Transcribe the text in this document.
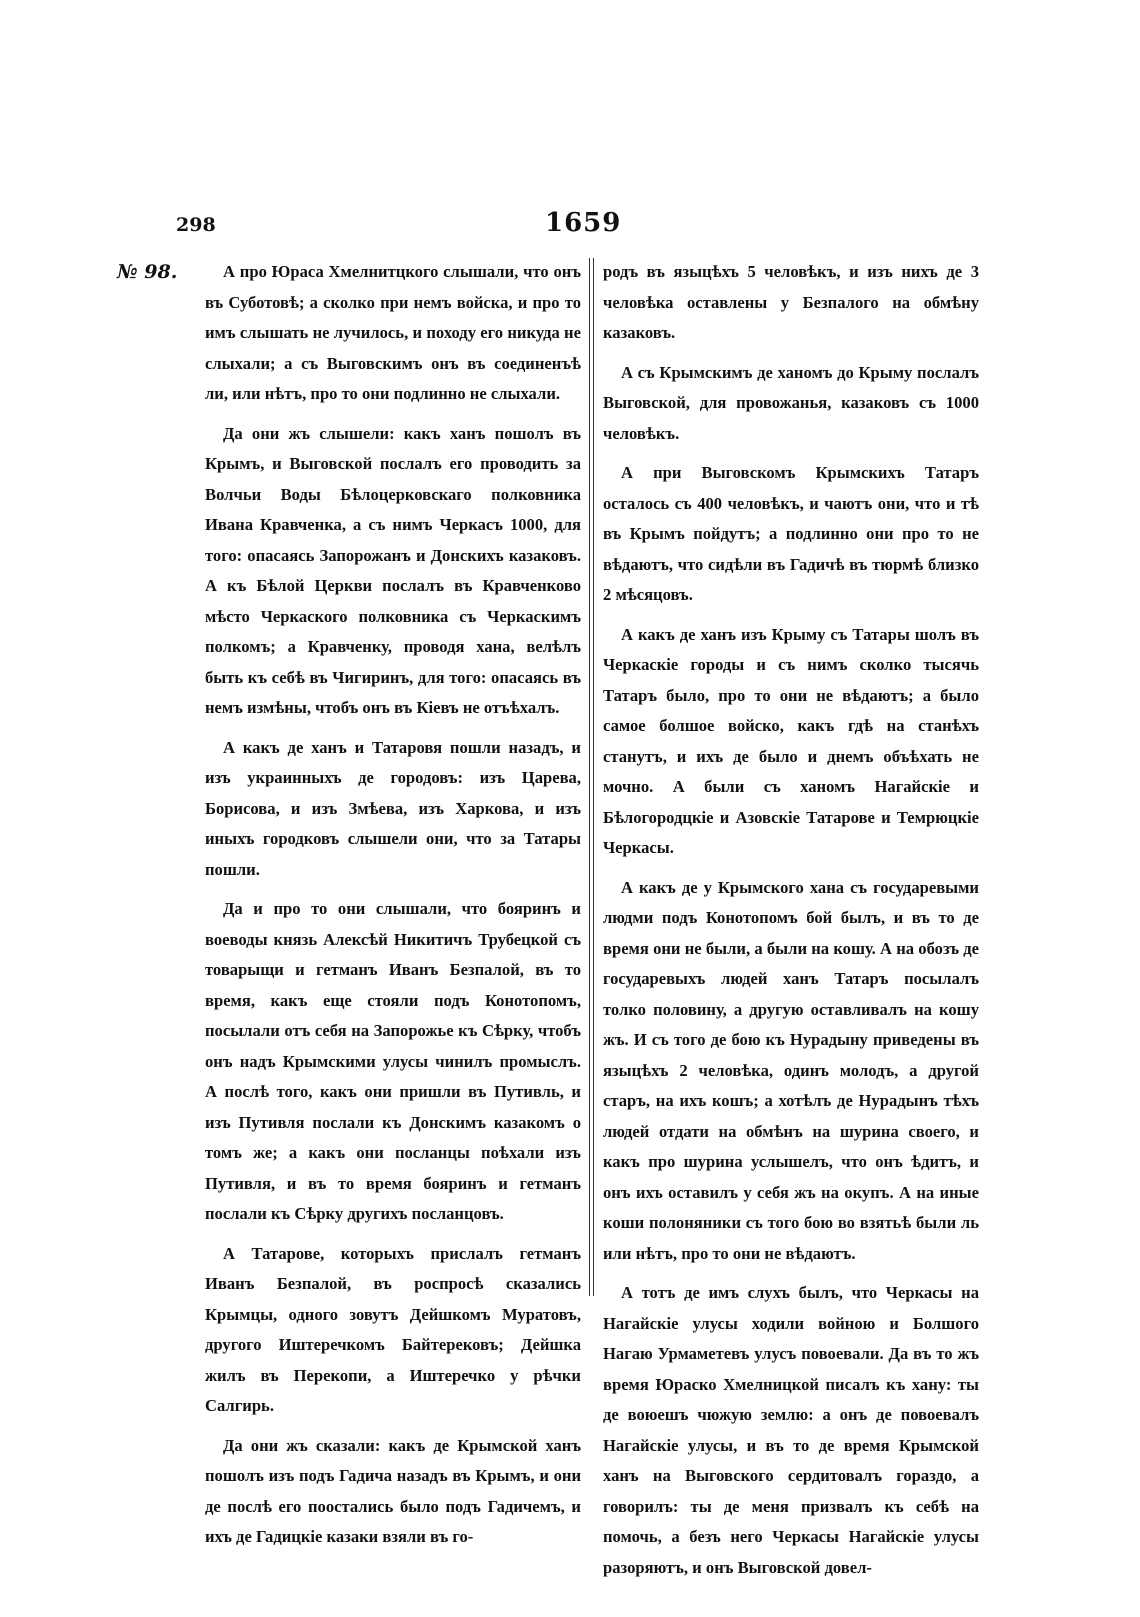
298	1659
№ 98.	А про Юраса Хмелнитцкого слышали, что онъ въ Суботовѣ; а сколко при немъ войска, и про то имъ слышать не лучилось, и походу его никуда не слыхали; а съ Выговскимъ онъ въ соединенъѣ ли, или нѣтъ, про то они подлинно не слыхали.

Да они жъ слышели: какъ ханъ пошолъ въ Крымъ, и Выговской послалъ его проводить за Волчьи Воды Бѣлоцерковскаго полковника Ивана Кравченка, а съ нимъ Черкасъ 1000, для того: опасаясь Запорожанъ и Донскихъ казаковъ. А къ Бѣлой Церкви послалъ въ Кравченково мѣсто Черкаского полковника съ Черкаскимъ полкомъ; а Кравченку, проводя хана, велѣлъ быть къ себѣ въ Чигиринъ, для того: опасаясь въ немъ измѣны, чтобъ онъ въ Кіевъ не отъѣхалъ.

А какъ де ханъ и Татаровя пошли назадъ, и изъ украинныхъ де городовъ: изъ Царева, Борисова, и изъ Змѣева, изъ Харкова, и изъ иныхъ городковъ слышели они, что за Татары пошли.

Да и про то они слышали, что бояринъ и воеводы князь Алексѣй Никитичъ Трубецкой съ товарыщи и гетманъ Иванъ Безпалой, въ то время, какъ еще стояли подъ Конотопомъ, посылали отъ себя на Запорожье къ Сѣрку, чтобъ онъ надъ Крымскими улусы чинилъ промыслъ. А послѣ того, какъ они пришли въ Путивль, и изъ Путивля послали къ Донскимъ казакомъ о томъ же; а какъ они посланцы поѣхали изъ Путивля, и въ то время бояринъ и гетманъ послали къ Сѣрку другихъ посланцовъ.

А Татарове, которыхъ прислалъ гетманъ Иванъ Безпалой, въ роспросѣ сказались Крымцы, одного зовутъ Дейшкомъ Муратовъ, другого Иштеречкомъ Байтерековъ; Дейшка жилъ въ Перекопи, а Иштеречко у рѣчки Салгирь.

Да они жъ сказали: какъ де Крымской ханъ пошолъ изъ подъ Гадича назадъ въ Крымъ, и они де послѣ его поостались было подъ Гадичемъ, и ихъ де Гадицкіе казаки взяли въ го-

родъ въ языцѣхъ 5 человѣкъ, и изъ нихъ де 3 человѣка оставлены у Безпалого на обмѣну казаковъ.

А съ Крымскимъ де ханомъ до Крыму послалъ Выговской, для провожанья, казаковъ съ 1000 человѣкъ.

А при Выговскомъ Крымскихъ Татаръ осталось съ 400 человѣкъ, и чаютъ они, что и тѣ въ Крымъ пойдутъ; а подлинно они про то не вѣдаютъ, что сидѣли въ Гадичѣ въ тюрмѣ близко 2 мѣсяцовъ.

А какъ де ханъ изъ Крыму съ Татары шолъ въ Черкаскіе городы и съ нимъ сколко тысячь Татаръ было, про то они не вѣдаютъ; а было самое болшое войско, какъ гдѣ на станѣхъ станутъ, и ихъ де было и днемъ объѣхать не мочно. А были съ ханомъ Нагайскіе и Бѣлогородцкіе и Азовскіе Татарове и Темрюцкіе Черкасы.

А какъ де у Крымского хана съ государевыми людми подъ Конотопомъ бой былъ, и въ то де время они не были, а были на кошу. А на обозъ де государевыхъ людей ханъ Татаръ посылалъ толко половину, а другую оставливалъ на кошу жъ. И съ того де бою къ Нурадыну приведены въ языцѣхъ 2 человѣка, одинъ молодъ, а другой старъ, на ихъ кошъ; а хотѣлъ де Нурадынъ тѣхъ людей отдати на обмѣнъ на шурина своего, и какъ про шурина услышелъ, что онъ ѣдитъ, и онъ ихъ оставилъ у себя жъ на окупъ. А на иные коши полоняники съ того бою во взятьѣ были ль или нѣтъ, про то они не вѣдаютъ.

А тотъ де имъ слухъ былъ, что Черкасы на Нагайскіе улусы ходили войною и Болшого Нагаю Урмаметевъ улусъ повоевали. Да въ то жъ время Юраско Хмелницкой писалъ къ хану: ты де воюешъ чюжую землю: а онъ де повоевалъ Нагайскіе улусы, и въ то де время Крымской ханъ на Выговского сердитовалъ гораздо, а говорилъ: ты де меня призвалъ къ себѣ на помочь, а безъ него Черкасы Нагайскіе улусы разоряютъ, и онъ Выговской довел-
